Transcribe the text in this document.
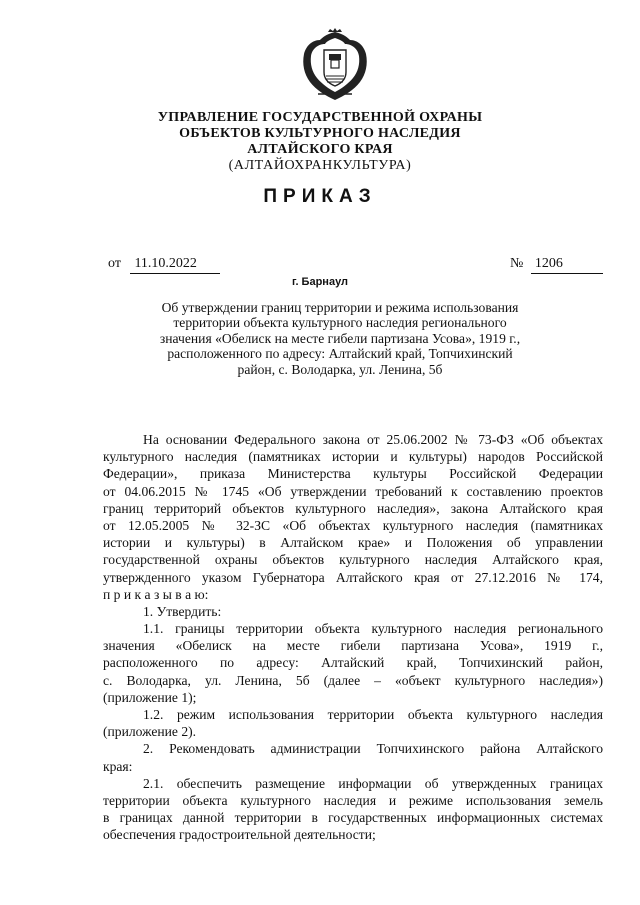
УПРАВЛЕНИЕ ГОСУДАРСТВЕННОЙ ОХРАНЫ
ОБЪЕКТОВ КУЛЬТУРНОГО НАСЛЕДИЯ
АЛТАЙСКОГО КРАЯ
(АЛТАЙОХРАНКУЛЬТУРА)
ПРИКАЗ
от 11.10.2022	№ 1206
г. Барнаул
Об утверждении границ территории и режима использования
территории объекта культурного наследия регионального
значения «Обелиск на месте гибели партизана Усова», 1919 г.,
расположенного по адресу: Алтайский край, Топчихинский
район, с. Володарка, ул. Ленина, 5б
На основании Федерального закона от 25.06.2002 № 73-ФЗ «Об объектах
культурного наследия (памятниках истории и культуры) народов Российской
Федерации», приказа Министерства культуры Российской Федерации
от 04.06.2015 № 1745 «Об утверждении требований к составлению проектов
границ территорий объектов культурного наследия», закона Алтайского края
от 12.05.2005 № 32-ЗС «Об объектах культурного наследия (памятниках
истории и культуры) в Алтайском крае» и Положения об управлении
государственной охраны объектов культурного наследия Алтайского края,
утвержденного указом Губернатора Алтайского края от 27.12.2016 № 174,
п р и к а з ы в а ю:
1. Утвердить:
1.1. границы территории объекта культурного наследия регионального
значения «Обелиск на месте гибели партизана Усова», 1919 г.,
расположенного по адресу: Алтайский край, Топчихинский район,
с. Володарка, ул. Ленина, 5б (далее – «объект культурного наследия»)
(приложение 1);
1.2. режим использования территории объекта культурного наследия
(приложение 2).
2. Рекомендовать администрации Топчихинского района Алтайского
края:
2.1. обеспечить размещение информации об утвержденных границах
территории объекта культурного наследия и режиме использования земель
в границах данной территории в государственных информационных системах
обеспечения градостроительной деятельности;
